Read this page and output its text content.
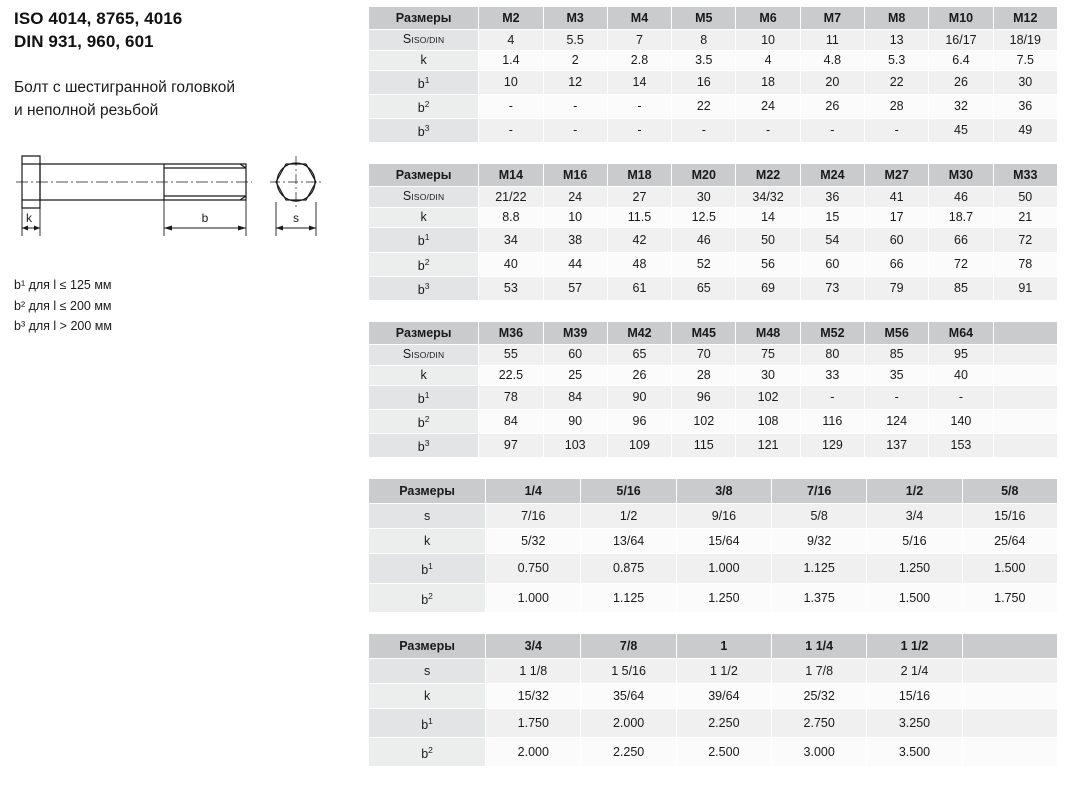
ISO 4014, 8765, 4016
DIN 931, 960, 601
Болт с шестигранной головкой
и неполной резьбой
k	b	s
b¹ для l ≤ 125 мм
b² для l ≤ 200 мм
b³ для l > 200 мм
Размеры	M2	M3	M4	M5	M6	M7	M8	M10	M12
SISO/DIN	4	5.5	7	8	10	11	13	16/17	18/19
k	1.4	2	2.8	3.5	4	4.8	5.3	6.4	7.5
$b^1$	10	12	14	16	18	20	22	26	30
$b^2$	-	-	-	22	24	26	28	32	36
$b^3$	-	-	-	-	-	-	-	45	49
Размеры	M14	M16	M18	M20	M22	M24	M27	M30	M33
SISO/DIN	21/22	24	27	30	34/32	36	41	46	50
k	8.8	10	11.5	12.5	14	15	17	18.7	21
$b^1$	34	38	42	46	50	54	60	66	72
$b^2$	40	44	48	52	56	60	66	72	78
$b^3$	53	57	61	65	69	73	79	85	91
Размеры	M36	M39	M42	M45	M48	M52	M56	M64	
SISO/DIN	55	60	65	70	75	80	85	95	
k	22.5	25	26	28	30	33	35	40	
$b^1$	78	84	90	96	102	-	-	-	
$b^2$	84	90	96	102	108	116	124	140	
$b^3$	97	103	109	115	121	129	137	153	
Размеры	1/4	5/16	3/8	7/16	1/2	5/8
s	7/16	1/2	9/16	5/8	3/4	15/16
k	5/32	13/64	15/64	9/32	5/16	25/64
$b^1$	0.750	0.875	1.000	1.125	1.250	1.500
$b^2$	1.000	1.125	1.250	1.375	1.500	1.750
Размеры	3/4	7/8	1	1 1/4	1 1/2	
s	1 1/8	1 5/16	1 1/2	1 7/8	2 1/4	
k	15/32	35/64	39/64	25/32	15/16	
$b^1$	1.750	2.000	2.250	2.750	3.250	
$b^2$	2.000	2.250	2.500	3.000	3.500	
